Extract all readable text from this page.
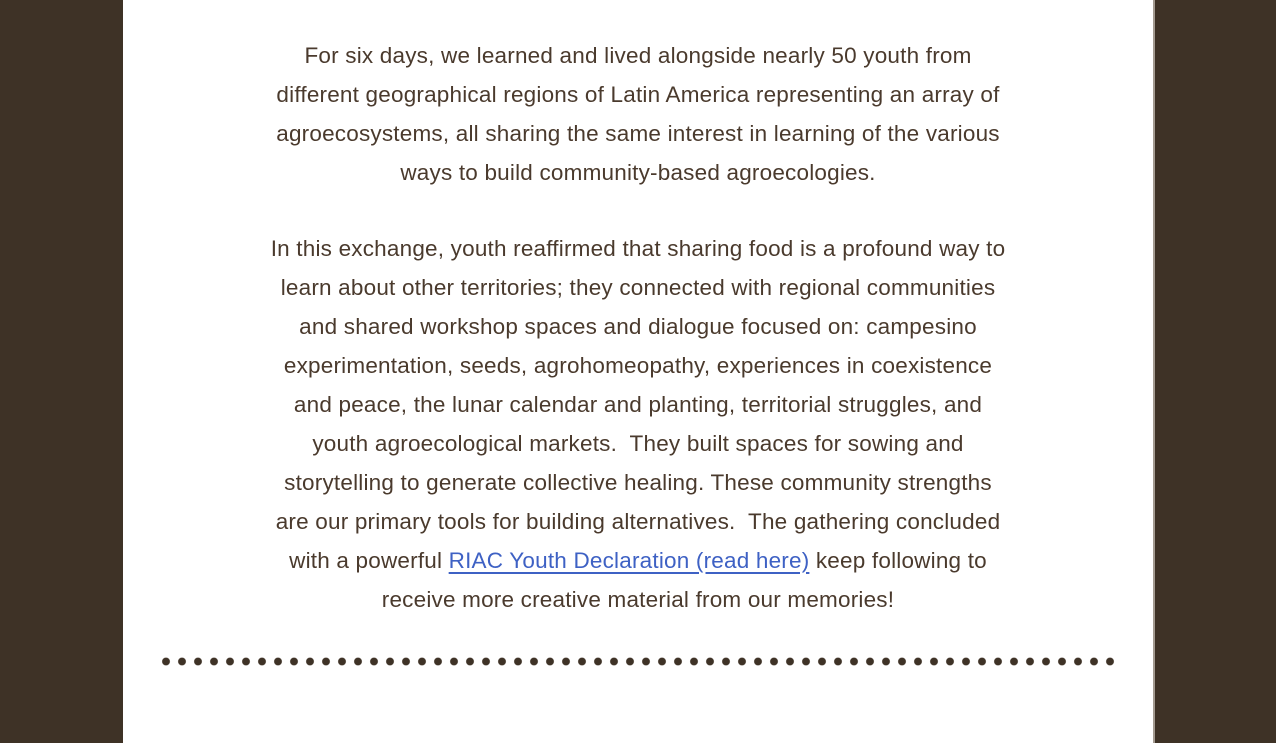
For six days, we learned and lived alongside nearly 50 youth from
different geographical regions of Latin America representing an array of
agroecosystems, all sharing the same interest in learning of the various
ways to build community-based agroecologies.
In this exchange, youth reaffirmed that sharing food is a profound way to
learn about other territories; they connected with regional communities
and shared workshop spaces and dialogue focused on: campesino
experimentation, seeds, agrohomeopathy, experiences in coexistence
and peace, the lunar calendar and planting, territorial struggles, and
youth agroecological markets.  They built spaces for sowing and
storytelling to generate collective healing. These community strengths
are our primary tools for building alternatives.  The gathering concluded
with a powerful RIAC Youth Declaration (read here) keep following to
receive more creative material from our memories!
